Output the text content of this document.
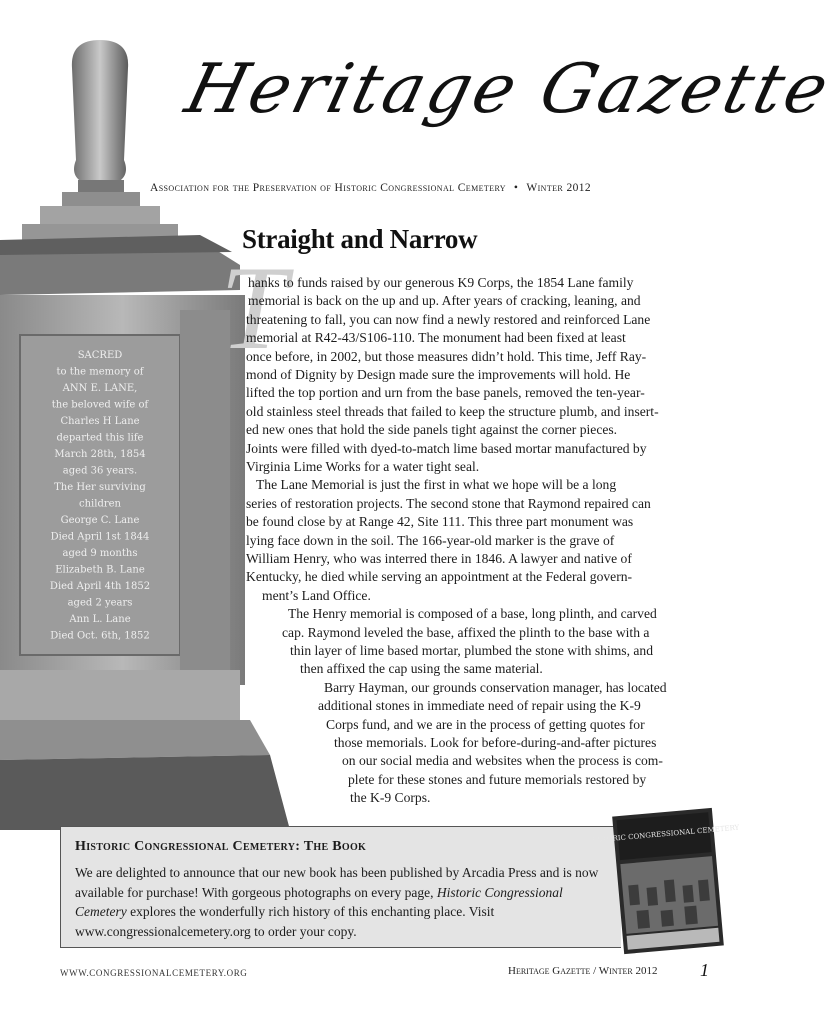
Heritage Gazette
Association for the Preservation of Historic Congressional Cemetery • Winter 2012
SACRED
to the memory of
ANN E. LANE,
the beloved wife of
Charles H Lane
departed this life
March 28th, 1854
aged 36 years.
The Her surviving
children
George C. Lane
Died April 1st 1844
aged 9 months
Elizabeth B. Lane
Died April 4th 1852
aged 2 years
Ann L. Lane
Died Oct. 6th, 1852
T
Straight and Narrow
hanks to funds raised by our generous K9 Corps, the 1854 Lane family
memorial is back on the up and up. After years of cracking, leaning, and
threatening to fall, you can now find a newly restored and reinforced Lane
memorial at R42-43/S106-110. The monument had been fixed at least
once before, in 2002, but those measures didn’t hold. This time, Jeff Ray-
mond of Dignity by Design made sure the improvements will hold. He
lifted the top portion and urn from the base panels, removed the ten-year-
old stainless steel threads that failed to keep the structure plumb, and insert-
ed new ones that hold the side panels tight against the corner pieces.
Joints were filled with dyed-to-match lime based mortar manufactured by
Virginia Lime Works for a water tight seal.
The Lane Memorial is just the first in what we hope will be a long
series of restoration projects. The second stone that Raymond repaired can
be found close by at Range 42, Site 111. This three part monument was
lying face down in the soil. The 166-year-old marker is the grave of
William Henry, who was interred there in 1846. A lawyer and native of
Kentucky, he died while serving an appointment at the Federal govern-
ment’s Land Office.
The Henry memorial is composed of a base, long plinth, and carved
cap. Raymond leveled the base, affixed the plinth to the base with a
thin layer of lime based mortar, plumbed the stone with shims, and
then affixed the cap using the same material.
Barry Hayman, our grounds conservation manager, has located
additional stones in immediate need of repair using the K-9
Corps fund, and we are in the process of getting quotes for
those memorials. Look for before-during-and-after pictures
on our social media and websites when the process is com-
plete for these stones and future memorials restored by
the K-9 Corps.
Historic Congressional Cemetery: The Book
We are delighted to announce that our new book has been published by Arcadia Press and is now available for purchase! With gorgeous photographs on every page, Historic Congressional Cemetery explores the wonderfully rich history of this enchanting place. Visit www.congressionalcemetery.org to order your copy.
HISTORIC CONGRESSIONAL CEMETERY
WWW.CONGRESSIONALCEMETERY.ORG	Heritage Gazette / Winter 2012 1
